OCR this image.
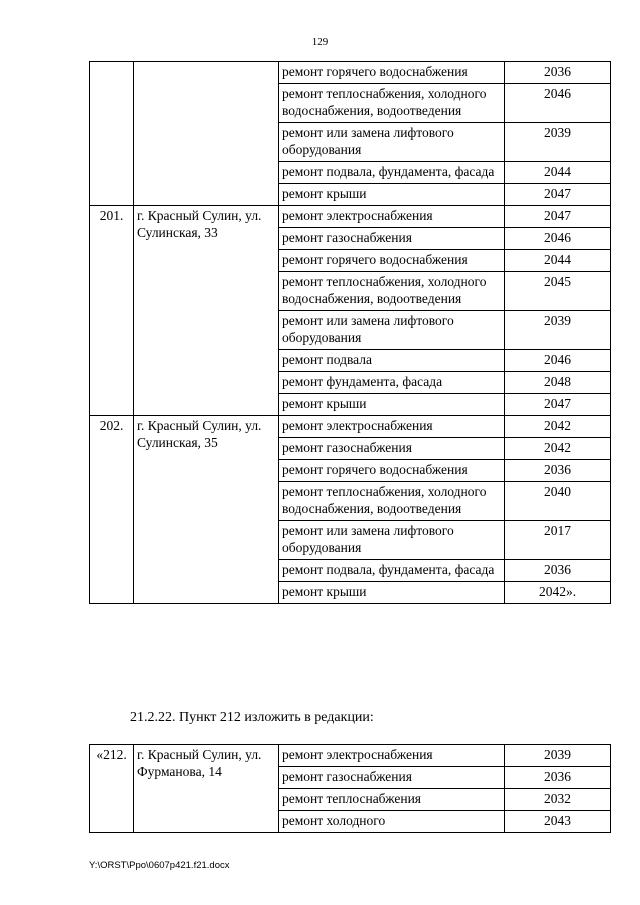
129
		ремонт горячего водоснабжения	2036
		ремонт теплоснабжения, холодного водоснабжения, водоотведения	2046
		ремонт или замена лифтового оборудования	2039
		ремонт подвала, фундамента, фасада	2044
		ремонт крыши	2047
201.	г. Красный Сулин, ул. Сулинская, 33	ремонт электроснабжения	2047
		ремонт газоснабжения	2046
		ремонт горячего водоснабжения	2044
		ремонт теплоснабжения, холодного водоснабжения, водоотведения	2045
		ремонт или замена лифтового оборудования	2039
		ремонт подвала	2046
		ремонт фундамента, фасада	2048
		ремонт крыши	2047
202.	г. Красный Сулин, ул. Сулинская, 35	ремонт электроснабжения	2042
		ремонт газоснабжения	2042
		ремонт горячего водоснабжения	2036
		ремонт теплоснабжения, холодного водоснабжения, водоотведения	2040
		ремонт или замена лифтового оборудования	2017
		ремонт подвала, фундамента, фасада	2036
		ремонт крыши	2042».
21.2.22. Пункт 212 изложить в редакции:
«212.	г. Красный Сулин, ул. Фурманова, 14	ремонт электроснабжения	2039
		ремонт газоснабжения	2036
		ремонт теплоснабжения	2032
		ремонт холодного	2043
Y:\ORST\Ppo\0607p421.f21.docx
